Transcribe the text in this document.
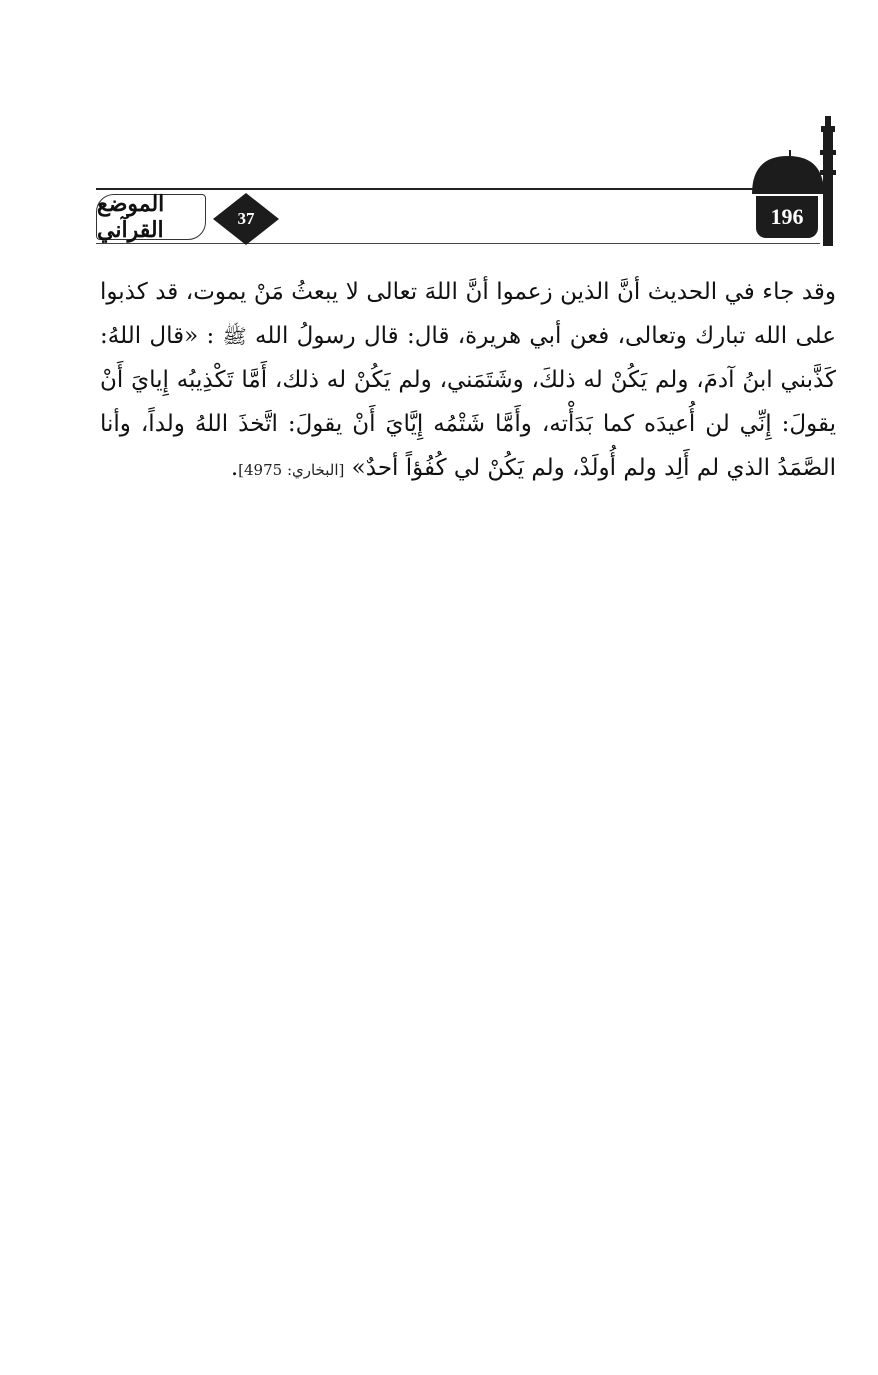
196
37
الموضع القرآني

وقد جاء في الحديث أنَّ الذين زعموا أنَّ اللهَ تعالى لا يبعثُ مَنْ يموت، قد كذبوا على الله تبارك وتعالى، فعن أبي هريرة، قال: قال رسولُ الله ﷺ : «قال اللهُ: كَذَّبني ابنُ آدمَ، ولم يَكُنْ له ذلكَ، وشَتَمَني، ولم يَكُنْ له ذلك، أَمَّا تَكْذِيبُه إِيايَ أَنْ يقولَ: إِنِّي لن أُعيدَه كما بَدَأْته، وأَمَّا شَتْمُه إِيَّايَ أَنْ يقولَ: اتَّخذَ اللهُ ولداً، وأنا الصَّمَدُ الذي لم أَلِد ولم أُولَدْ، ولم يَكُنْ لي كُفُؤاً أحدٌ» [البخاري: 4975].
